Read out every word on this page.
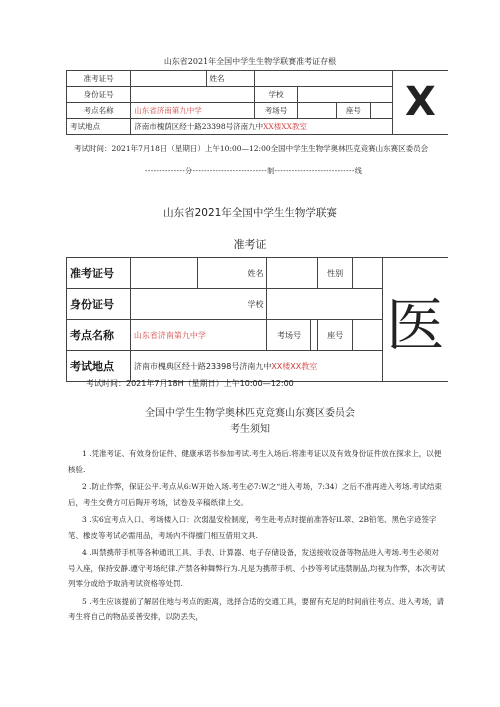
山东省2021年全国中学生生物学联赛准考证存根
准考证号		姓名					X
身份证号			学校				
考点名称	山东省济南第九中学		考场号		座号		
考试地点	济南市槐荫区经十路23398号济南九中XX楼XX教室						
考试时间：2021年7月18日（星期日）上午10:00—12:00全国中学生生物学奥林匹克竞赛山东赛区委员会
--------------分--------------------------制----------------------------线
山东省2021年全国中学生生物学联赛
准考证
准考证号		姓名			性别		医
身份证号	学校						
考点名称	山东省济南第九中学		考场号		座号		
考试地点	济南市槐典区经十路23398号济南九中XX楼XX教室						
考试时间：2021年7月18H（星期日）上午10:00—12:00
全国中学生生物学奥林匹克竞赛山东赛区委员会
考生须知

1 .凭准考证、有效身份证件、健康承诺书参加考试.考生入场后.将准考证以及有效身份证件放在探求上，以便核验.

2 .防止作弊，保证公平.考点从6:W开始入场.考生必7:W之“进入考场，7:34）之后不准再进入考场.考试结束后，考生交费方可后陶开考场，试卷及辛稿纸律上交。

3 .实6宜考点入口、考场楼入口：次弱温安检制度，考生赴考点时提前准答好lL翠、2B铅笔、黑色字迹签字笔、橡皮等考试必需用品，考场内不得擅门相互借用文具.

4 .叫禁携带手机等各种通讯工具、手表、计算器、电子存储设备，发送接收设备等物品进入考场.考生必须对号入座，保持安静.遵守考场纪律.产禁各种舞弊行为.凡是为携带手机、小抄等考试违禁制品,均视为作弊，本次考试列零分或给予取消考试资格等处罚.

5 .考生应该提前了解居住地与考点的距离，选择合适的交通工具，要留有充足的时间前往考点、进入考场，请考生将自己的物品妥善安排，以防丢失，
